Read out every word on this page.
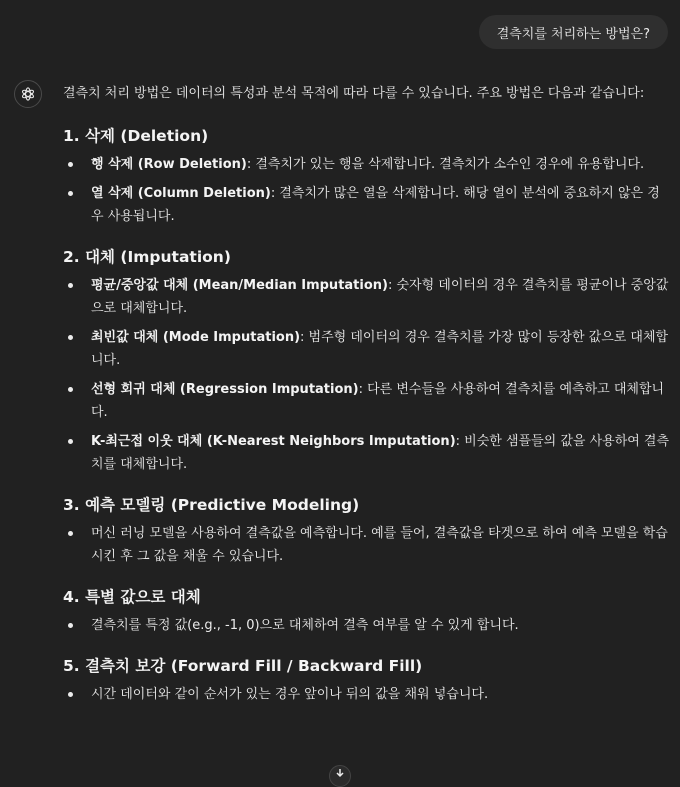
결측치를 처리하는 방법은?

결측치 처리 방법은 데이터의 특성과 분석 목적에 따라 다를 수 있습니다. 주요 방법은 다음과 같습니다:

1. 삭제 (Deletion)
행 삭제 (Row Deletion): 결측치가 있는 행을 삭제합니다. 결측치가 소수인 경우에 유용합니다.
열 삭제 (Column Deletion): 결측치가 많은 열을 삭제합니다. 해당 열이 분석에 중요하지 않은 경우 사용됩니다.
2. 대체 (Imputation)
평균/중앙값 대체 (Mean/Median Imputation): 숫자형 데이터의 경우 결측치를 평균이나 중앙값으로 대체합니다.
최빈값 대체 (Mode Imputation): 범주형 데이터의 경우 결측치를 가장 많이 등장한 값으로 대체합니다.
선형 회귀 대체 (Regression Imputation): 다른 변수들을 사용하여 결측치를 예측하고 대체합니다.
K-최근접 이웃 대체 (K-Nearest Neighbors Imputation): 비슷한 샘플들의 값을 사용하여 결측치를 대체합니다.
3. 예측 모델링 (Predictive Modeling)
머신 러닝 모델을 사용하여 결측값을 예측합니다. 예를 들어, 결측값을 타겟으로 하여 예측 모델을 학습시킨 후 그 값을 채울 수 있습니다.
4. 특별 값으로 대체
결측치를 특정 값(e.g., -1, 0)으로 대체하여 결측 여부를 알 수 있게 합니다.
5. 결측치 보강 (Forward Fill / Backward Fill)
시간 데이터와 같이 순서가 있는 경우 앞이나 뒤의 값을 채워 넣습니다.
